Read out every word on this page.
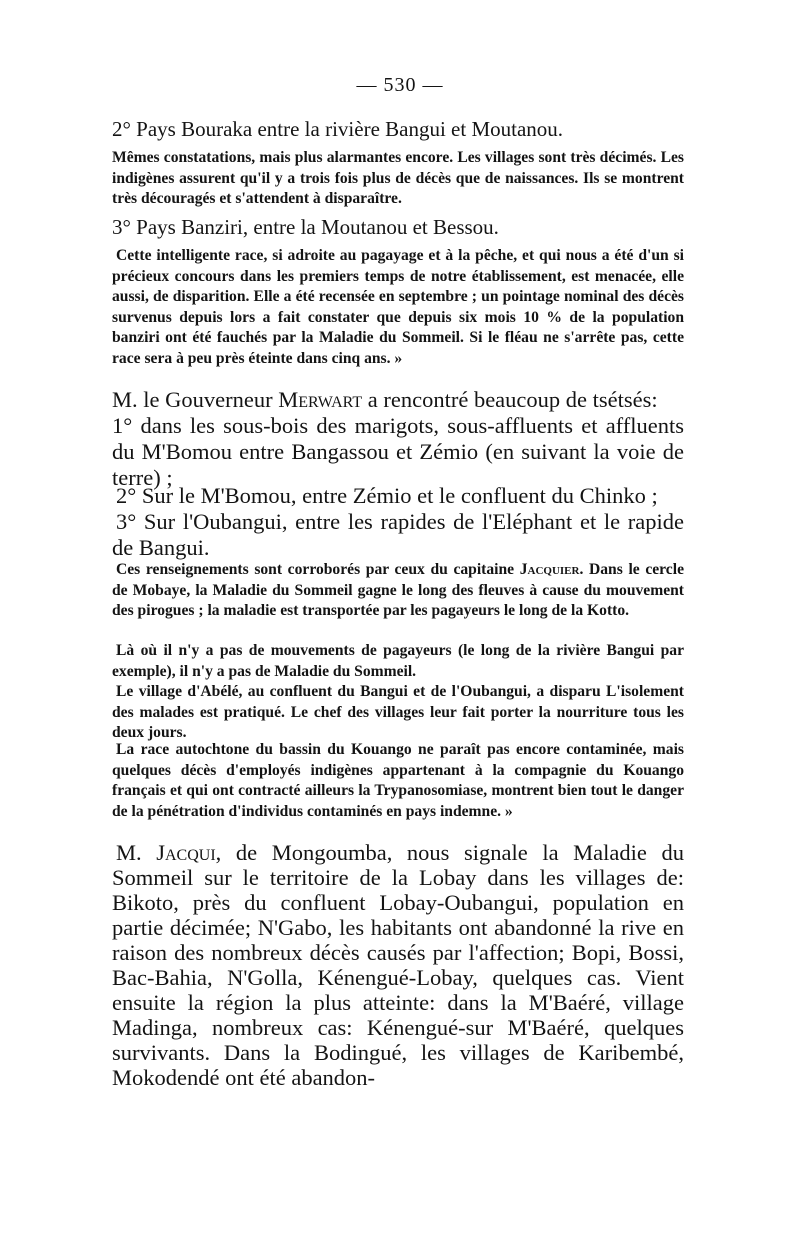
— 530 —

2° Pays Bouraka entre la rivière Bangui et Moutanou.

Mêmes constatations, mais plus alarmantes encore. Les villages sont très décimés. Les indigènes assurent qu'il y a trois fois plus de décès que de naissances. Ils se montrent très découragés et s'attendent à disparaître.

3° Pays Banziri, entre la Moutanou et Bessou.

Cette intelligente race, si adroite au pagayage et à la pêche, et qui nous a été d'un si précieux concours dans les premiers temps de notre établissement, est menacée, elle aussi, de disparition. Elle a été recensée en septembre ; un pointage nominal des décès survenus depuis lors a fait constater que depuis six mois 10 % de la population banziri ont été fauchés par la Maladie du Sommeil. Si le fléau ne s'arrête pas, cette race sera à peu près éteinte dans cinq ans. »

M. le Gouverneur Merwart a rencontré beaucoup de tsétsés:

1° dans les sous-bois des marigots, sous-affluents et affluents du M'Bomou entre Bangassou et Zémio (en suivant la voie de terre) ;

2° Sur le M'Bomou, entre Zémio et le confluent du Chinko ;

3° Sur l'Oubangui, entre les rapides de l'Eléphant et le rapide de Bangui.

Ces renseignements sont corroborés par ceux du capitaine Jacquier. Dans le cercle de Mobaye, la Maladie du Sommeil gagne le long des fleuves à cause du mouvement des pirogues ; la maladie est transportée par les pagayeurs le long de la Kotto.

Là où il n'y a pas de mouvements de pagayeurs (le long de la rivière Bangui par exemple), il n'y a pas de Maladie du Sommeil.

Le village d'Abélé, au confluent du Bangui et de l'Oubangui, a disparu L'isolement des malades est pratiqué. Le chef des villages leur fait porter la nourriture tous les deux jours.

La race autochtone du bassin du Kouango ne paraît pas encore contaminée, mais quelques décès d'employés indigènes appartenant à la compagnie du Kouango français et qui ont contracté ailleurs la Trypanosomiase, montrent bien tout le danger de la pénétration d'individus contaminés en pays indemne. »

M. Jacqui, de Mongoumba, nous signale la Maladie du Sommeil sur le territoire de la Lobay dans les villages de: Bikoto, près du confluent Lobay-Oubangui, population en partie décimée; N'Gabo, les habitants ont abandonné la rive en raison des nombreux décès causés par l'affection; Bopi, Bossi, Bac-Bahia, N'Golla, Kénengué-Lobay, quelques cas. Vient ensuite la région la plus atteinte: dans la M'Baéré, village Madinga, nombreux cas: Kénengué-sur M'Baéré, quelques survivants. Dans la Bodingué, les villages de Karibembé, Mokodendé ont été abandon-
